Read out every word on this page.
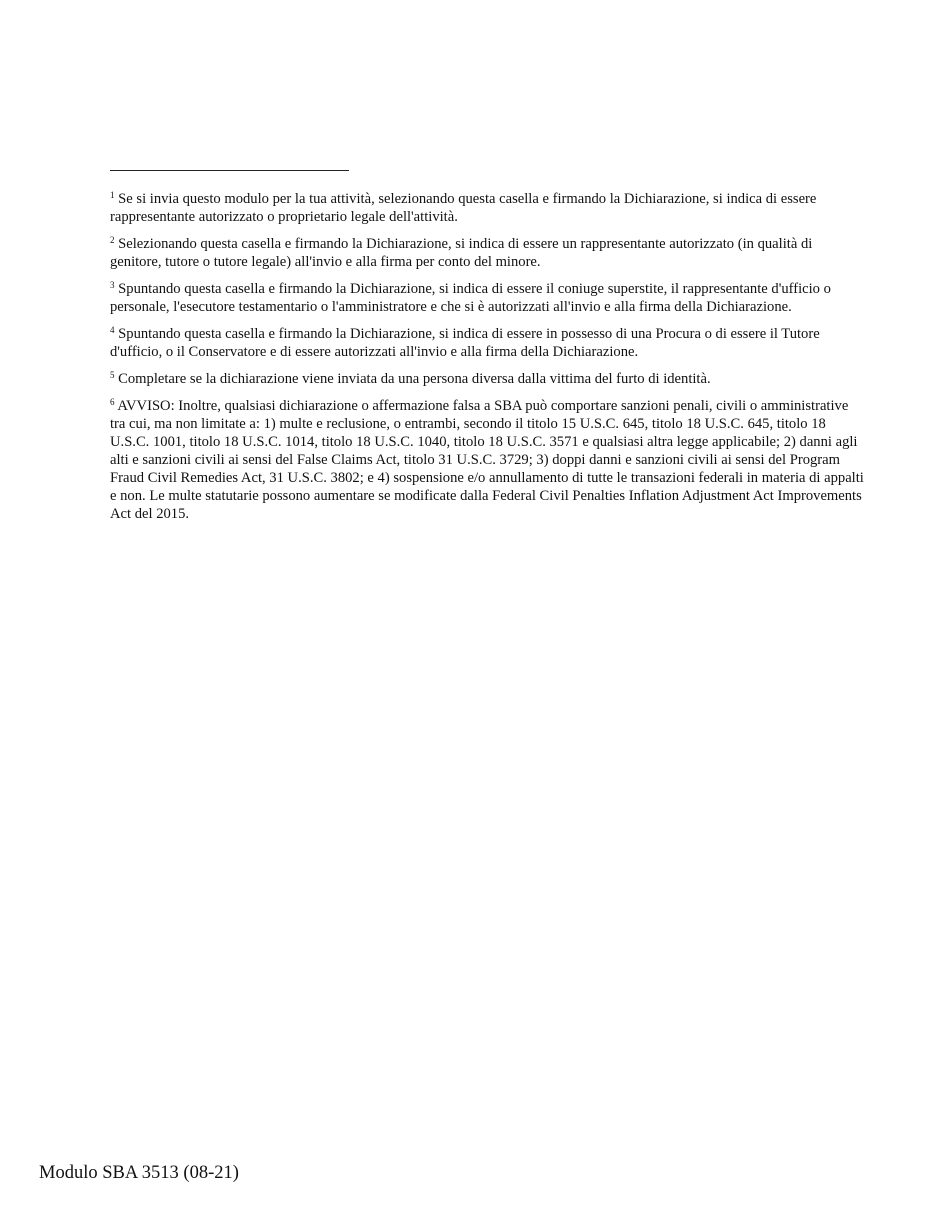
$^1$ Se si invia questo modulo per la tua attività, selezionando questa casella e firmando la Dichiarazione, si indica di essere rappresentante autorizzato o proprietario legale dell'attività.

$^2$ Selezionando questa casella e firmando la Dichiarazione, si indica di essere un rappresentante autorizzato (in qualità di genitore, tutore o tutore legale) all'invio e alla firma per conto del minore.

$^3$ Spuntando questa casella e firmando la Dichiarazione, si indica di essere il coniuge superstite, il rappresentante d'ufficio o personale, l'esecutore testamentario o l'amministratore e che si è autorizzati all'invio e alla firma della Dichiarazione.

$^4$ Spuntando questa casella e firmando la Dichiarazione, si indica di essere in possesso di una Procura o di essere il Tutore d'ufficio, o il Conservatore e di essere autorizzati all'invio e alla firma della Dichiarazione.

$^5$ Completare se la dichiarazione viene inviata da una persona diversa dalla vittima del furto di identità.

$^6$ AVVISO: Inoltre, qualsiasi dichiarazione o affermazione falsa a SBA può comportare sanzioni penali, civili o amministrative tra cui, ma non limitate a: 1) multe e reclusione, o entrambi, secondo il titolo 15 U.S.C. 645, titolo 18 U.S.C. 645, titolo 18 U.S.C. 1001, titolo 18 U.S.C. 1014, titolo 18 U.S.C. 1040, titolo 18 U.S.C. 3571 e qualsiasi altra legge applicabile; 2) danni agli alti e sanzioni civili ai sensi del False Claims Act, titolo 31 U.S.C. 3729; 3) doppi danni e sanzioni civili ai sensi del Program Fraud Civil Remedies Act, 31 U.S.C. 3802; e 4) sospensione e/o annullamento di tutte le transazioni federali in materia di appalti e non. Le multe statutarie possono aumentare se modificate dalla Federal Civil Penalties Inflation Adjustment Act Improvements Act del 2015.

Modulo SBA 3513 (08-21)
